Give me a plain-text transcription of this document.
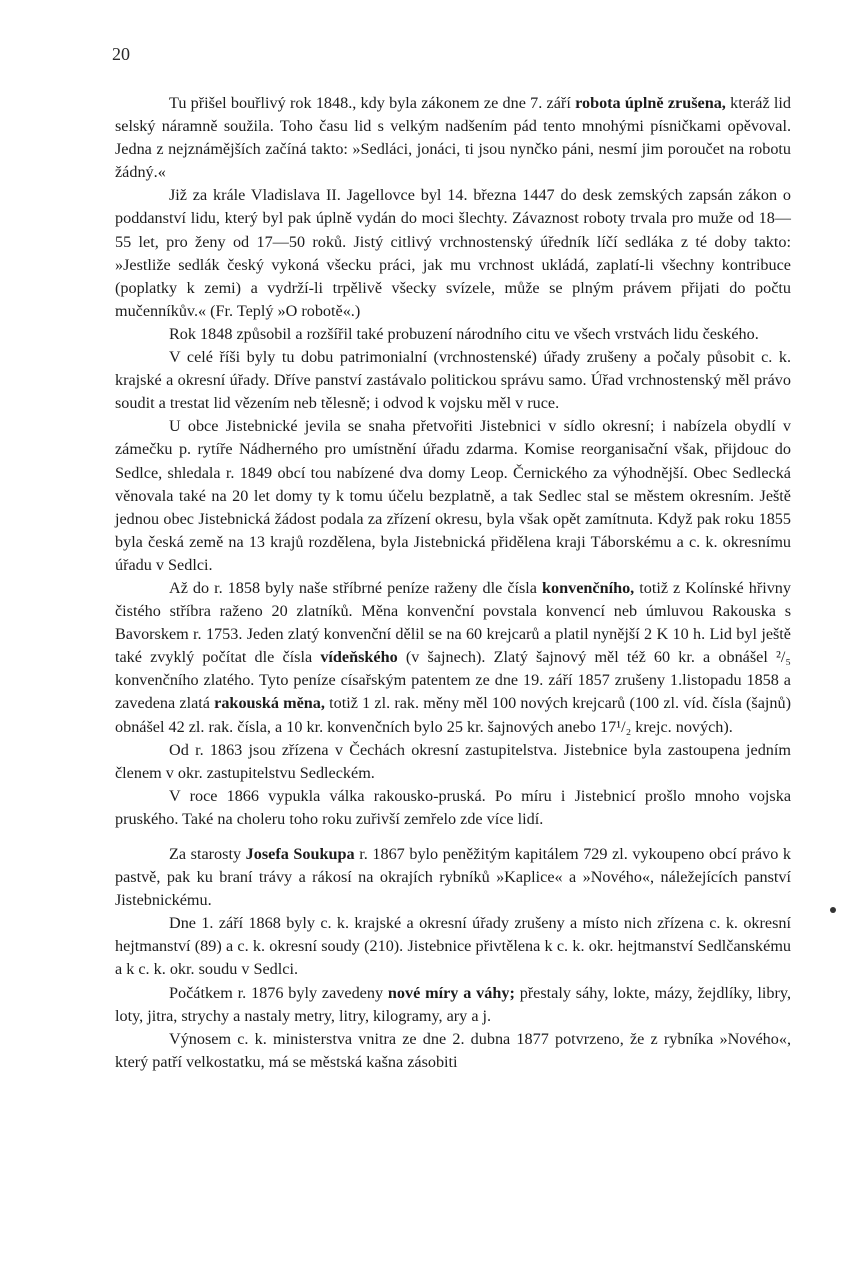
20

Tu přišel bouřlivý rok 1848., kdy byla zákonem ze dne 7. září robota úplně zrušena, kteráž lid selský náramně soužila. Toho času lid s velkým nadšením pád tento mnohými písničkami opěvoval. Jedna z nejznámějších začíná takto: »Sedláci, jonáci, ti jsou nynčko páni, nesmí jim poroučet na robotu žádný.«

Již za krále Vladislava II. Jagellovce byl 14. března 1447 do desk zemských zapsán zákon o poddanství lidu, který byl pak úplně vydán do moci šlechty. Závaznost roboty trvala pro muže od 18—55 let, pro ženy od 17—50 roků. Jistý citlivý vrchnostenský úředník líčí sedláka z té doby takto: »Jestliže sedlák český vykoná všecku práci, jak mu vrchnost ukládá, zaplatí-li všechny kontribuce (poplatky k zemi) a vydrží-li trpělivě všecky svízele, může se plným právem přijati do počtu mučenníkův.« (Fr. Teplý »O robotě«.)

Rok 1848 způsobil a rozšířil také probuzení národního citu ve všech vrstvách lidu českého.

V celé říši byly tu dobu patrimonialní (vrchnostenské) úřady zrušeny a počaly působit c. k. krajské a okresní úřady. Dříve panství zastávalo politickou správu samo. Úřad vrchnostenský měl právo soudit a trestat lid vězením neb tělesně; i odvod k vojsku měl v ruce.

U obce Jistebnické jevila se snaha přetvořiti Jistebnici v sídlo okresní; i nabízela obydlí v zámečku p. rytíře Nádherného pro umístnění úřadu zdarma. Komise reorganisační však, přijdouc do Sedlce, shledala r. 1849 obcí tou nabízené dva domy Leop. Černického za výhodnější. Obec Sedlecká věnovala také na 20 let domy ty k tomu účelu bezplatně, a tak Sedlec stal se městem okresním. Ještě jednou obec Jistebnická žádost podala za zřízení okresu, byla však opět zamítnuta. Když pak roku 1855 byla česká země na 13 krajů rozdělena, byla Jistebnická přidělena kraji Táborskému a c. k. okresnímu úřadu v Sedlci.

Až do r. 1858 byly naše stříbrné peníze raženy dle čísla konvenčního, totiž z Kolínské hřivny čistého stříbra raženo 20 zlatníků. Měna konvenční povstala konvencí neb úmluvou Rakouska s Bavorskem r. 1753. Jeden zlatý konvenční dělil se na 60 krejcarů a platil nynější 2 K 10 h. Lid byl ještě také zvyklý počítat dle čísla vídeňského (v šajnech). Zlatý šajnový měl též 60 kr. a obnášel ²/₅ konvenčního zlatého. Tyto peníze císařským patentem ze dne 19. září 1857 zrušeny 1.listopadu 1858 a zavedena zlatá rakouská měna, totiž 1 zl. rak. měny měl 100 nových krejcarů (100 zl. víd. čísla (šajnů) obnášel 42 zl. rak. čísla, a 10 kr. konvenčních bylo 25 kr. šajnových anebo 17¹/₂ krejc. nových).

Od r. 1863 jsou zřízena v Čechách okresní zastupitelstva. Jistebnice byla zastoupena jedním členem v okr. zastupitelstvu Sedleckém.

V roce 1866 vypukla válka rakousko-pruská. Po míru i Jistebnicí prošlo mnoho vojska pruského. Také na choleru toho roku zuřivší zemřelo zde více lidí.

Za starosty Josefa Soukupa r. 1867 bylo peněžitým kapitálem 729 zl. vykoupeno obcí právo k pastvě, pak ku braní trávy a rákosí na okrajích rybníků »Kaplice« a »Nového«, náležejících panství Jistebnickému.

Dne 1. září 1868 byly c. k. krajské a okresní úřady zrušeny a místo nich zřízena c. k. okresní hejtmanství (89) a c. k. okresní soudy (210). Jistebnice přivtělena k c. k. okr. hejtmanství Sedlčanskému a k c. k. okr. soudu v Sedlci.

Počátkem r. 1876 byly zavedeny nové míry a váhy; přestaly sáhy, lokte, mázy, žejdlíky, libry, loty, jitra, strychy a nastaly metry, litry, kilogramy, ary a j.

Výnosem c. k. ministerstva vnitra ze dne 2. dubna 1877 potvrzeno, že z rybníka »Nového«, který patří velkostatku, má se městská kašna zásobiti
